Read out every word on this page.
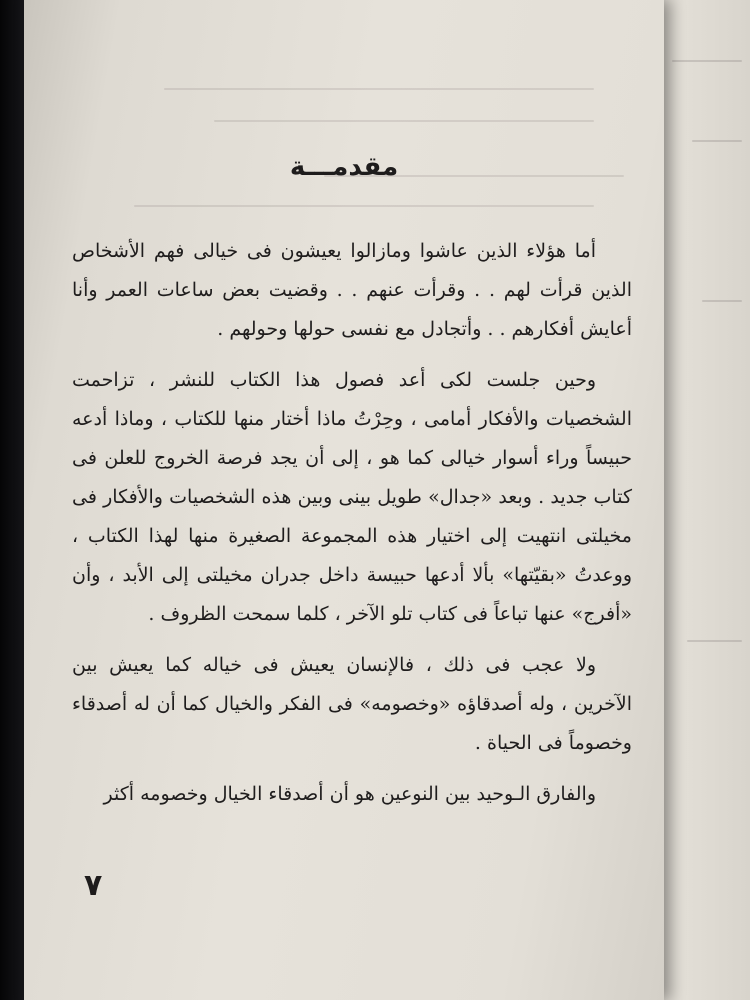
مقدمـــة

أما هؤلاء الذين عاشوا ومازالوا يعيشون فى خيالى فهم الأشخاص الذين قرأت لهم . . وقرأت عنهم . . وقضيت بعض ساعات العمر وأنا أعايش أفكارهم . . وأتجادل مع نفسى حولها وحولهم .

وحين جلست لكى أعد فصول هذا الكتاب للنشر ، تزاحمت الشخصيات والأفكار أمامى ، وحِرْتُ ماذا أختار منها للكتاب ، وماذا أدعه حبيساً وراء أسوار خيالى كما هو ، إلى أن يجد فرصة الخروج للعلن فى كتاب جديد . وبعد «جدال» طويل بينى وبين هذه الشخصيات والأفكار فى مخيلتى انتهيت إلى اختيار هذه المجموعة الصغيرة منها لهذا الكتاب ، ووعدتُ «بقيّتها» بألا أدعها حبيسة داخل جدران مخيلتى إلى الأبد ، وأن «أفرج» عنها تباعاً فى كتاب تلو الآخر ، كلما سمحت الظروف .

ولا عجب فى ذلك ، فالإنسان يعيش فى خياله كما يعيش بين الآخرين ، وله أصدقاؤه «وخصومه» فى الفكر والخيال كما أن له أصدقاء وخصوماً فى الحياة .

والفارق الـوحيد بين النوعين هو أن أصدقاء الخيال وخصومه أكثر

٧
